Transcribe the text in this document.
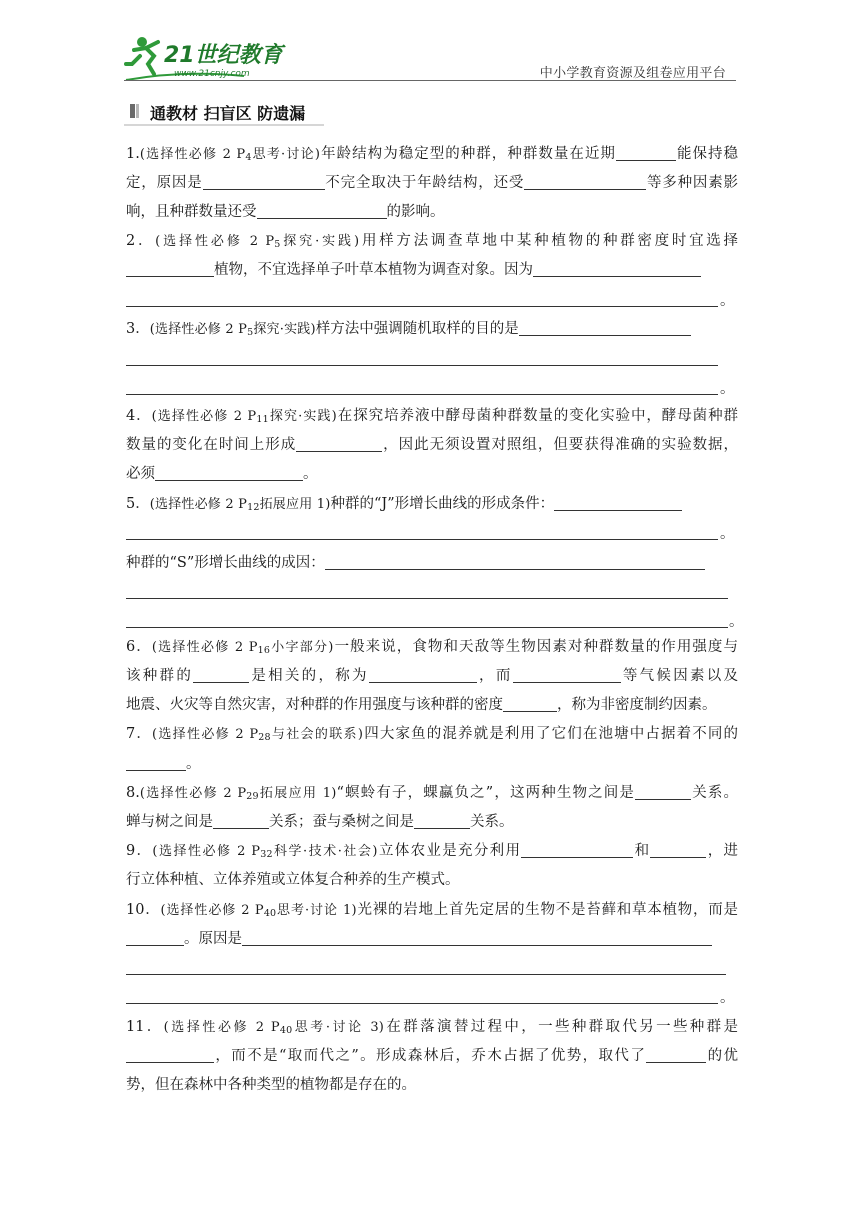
21世纪教育
www.21cnjy.com	中小学教育资源及组卷应用平台
通教材 扫盲区 防遗漏
1.(选择性必修 2 $P_4$思考·讨论)年龄结构为稳定型的种群，种群数量在近期	能保持稳
定，原因是	不完全取决于年龄结构，还受	等多种因素影
响，且种群数量还受	的影响。
2．(选择性必修 2 $P_5$探究·实践)用样方法调查草地中某种植物的种群密度时宜选择
植物，不宜选择单子叶草本植物为调查对象。因为
。
3．(选择性必修 2 $P_5$探究·实践)样方法中强调随机取样的目的是
。
4．(选择性必修 2 $P_{11}$探究·实践)在探究培养液中酵母菌种群数量的变化实验中，酵母菌种群
数量的变化在时间上形成	，因此无须设置对照组，但要获得准确的实验数据，
必须	。
5．(选择性必修 2 $P_{12}$拓展应用 1)种群的“J”形增长曲线的形成条件：
。
种群的“S”形增长曲线的成因：
。
6．(选择性必修 2 $P_{16}$小字部分)一般来说，食物和天敌等生物因素对种群数量的作用强度与
该种群的	是相关的，称为	，而	等气候因素以及
地震、火灾等自然灾害，对种群的作用强度与该种群的密度	，称为非密度制约因素。
7．(选择性必修 2 $P_{28}$与社会的联系)四大家鱼的混养就是利用了它们在池塘中占据着不同的
。
8.(选择性必修 2 $P_{29}$拓展应用 1)“螟蛉有子，蜾蠃负之”，这两种生物之间是	关系。
蝉与树之间是	关系；蚕与桑树之间是	关系。
9．(选择性必修 2 $P_{32}$科学·技术·社会)立体农业是充分利用	和	，进
行立体种植、立体养殖或立体复合种养的生产模式。
10．(选择性必修 2 $P_{40}$思考·讨论 1)光裸的岩地上首先定居的生物不是苔藓和草本植物，而是
。原因是
。
11．(选择性必修 2 $P_{40}$思考·讨论 3)在群落演替过程中，一些种群取代另一些种群是
，而不是“取而代之”。形成森林后，乔木占据了优势，取代了	的优
势，但在森林中各种类型的植物都是存在的。
